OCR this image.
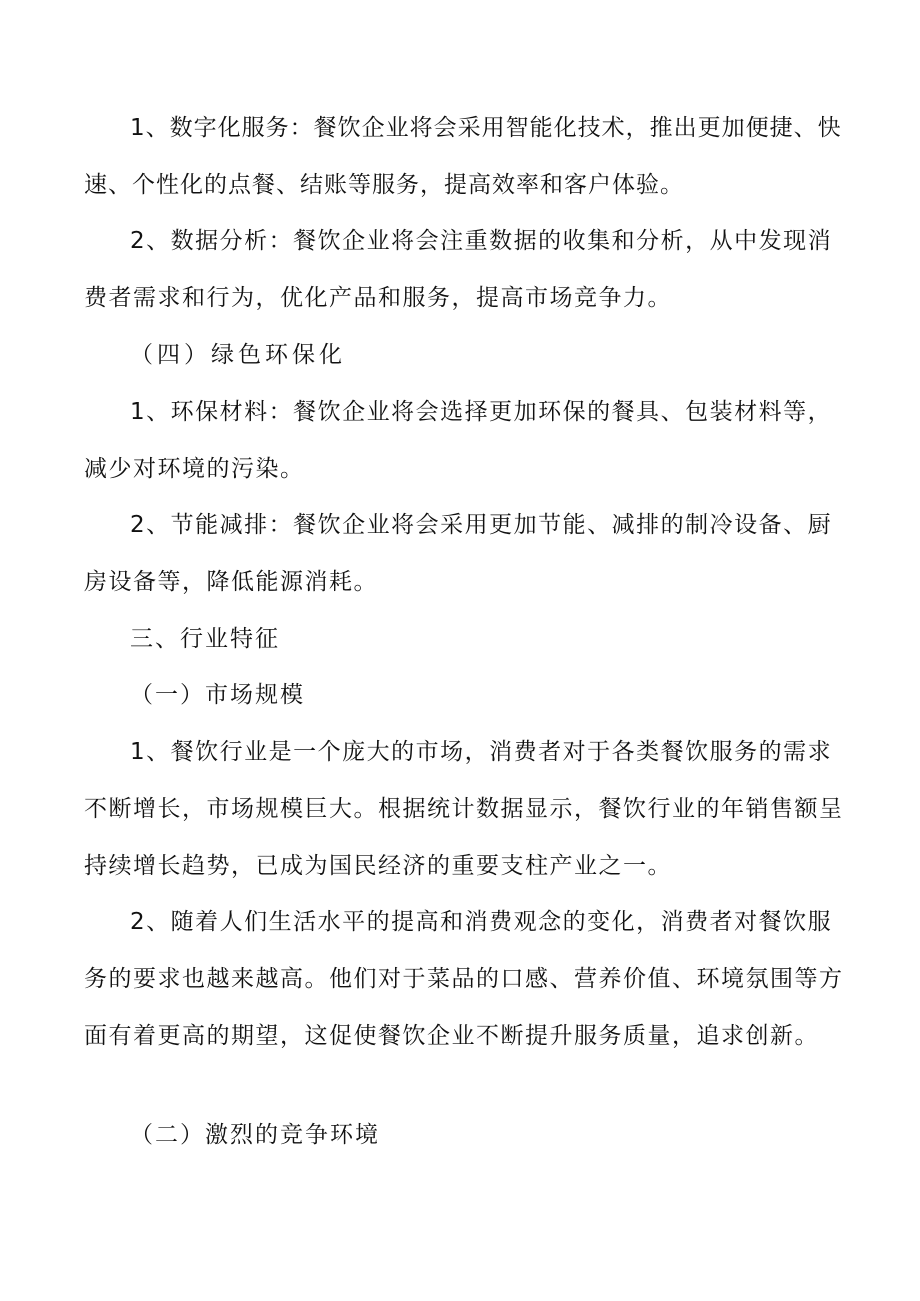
1、数字化服务：餐饮企业将会采用智能化技术，推出更加便捷、快速、个性化的点餐、结账等服务，提高效率和客户体验。

2、数据分析：餐饮企业将会注重数据的收集和分析，从中发现消费者需求和行为，优化产品和服务，提高市场竞争力。

（四）绿色环保化

1、环保材料：餐饮企业将会选择更加环保的餐具、包装材料等，减少对环境的污染。

2、节能减排：餐饮企业将会采用更加节能、减排的制冷设备、厨房设备等，降低能源消耗。

三、行业特征

（一）市场规模

1、餐饮行业是一个庞大的市场，消费者对于各类餐饮服务的需求不断增长，市场规模巨大。根据统计数据显示，餐饮行业的年销售额呈持续增长趋势，已成为国民经济的重要支柱产业之一。

2、随着人们生活水平的提高和消费观念的变化，消费者对餐饮服务的要求也越来越高。他们对于菜品的口感、营养价值、环境氛围等方面有着更高的期望，这促使餐饮企业不断提升服务质量，追求创新。

（二）激烈的竞争环境
